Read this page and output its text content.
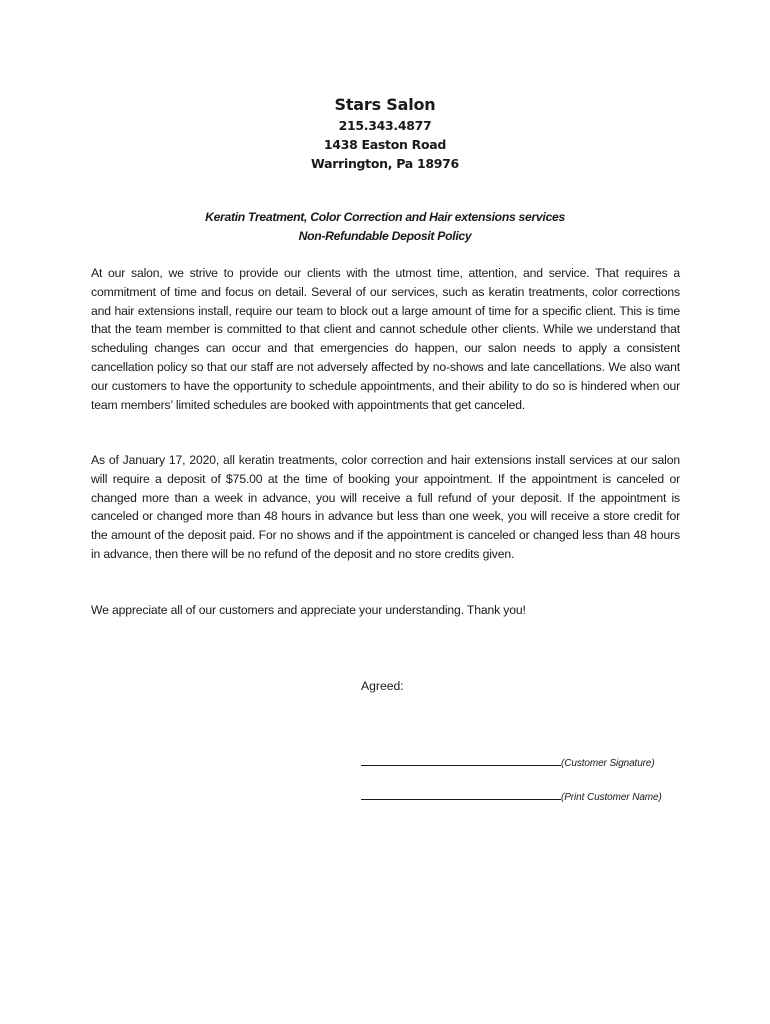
Stars Salon
215.343.4877
1438 Easton Road
Warrington, Pa 18976
Keratin Treatment, Color Correction and Hair extensions services
Non-Refundable Deposit Policy

At our salon, we strive to provide our clients with the utmost time, attention, and service. That requires a commitment of time and focus on detail. Several of our services, such as keratin treatments, color corrections and hair extensions install, require our team to block out a large amount of time for a specific client. This is time that the team member is committed to that client and cannot schedule other clients. While we understand that scheduling changes can occur and that emergencies do happen, our salon needs to apply a consistent cancellation policy so that our staff are not adversely affected by no-shows and late cancellations. We also want our customers to have the opportunity to schedule appointments, and their ability to do so is hindered when our team members’ limited schedules are booked with appointments that get canceled.

As of January 17, 2020, all keratin treatments, color correction and hair extensions install services at our salon will require a deposit of $75.00 at the time of booking your appointment. If the appointment is canceled or changed more than a week in advance, you will receive a full refund of your deposit. If the appointment is canceled or changed more than 48 hours in advance but less than one week, you will receive a store credit for the amount of the deposit paid. For no shows and if the appointment is canceled or changed less than 48 hours in advance, then there will be no refund of the deposit and no store credits given.

We appreciate all of our customers and appreciate your understanding. Thank you!

Agreed:
(Customer Signature)
(Print Customer Name)
